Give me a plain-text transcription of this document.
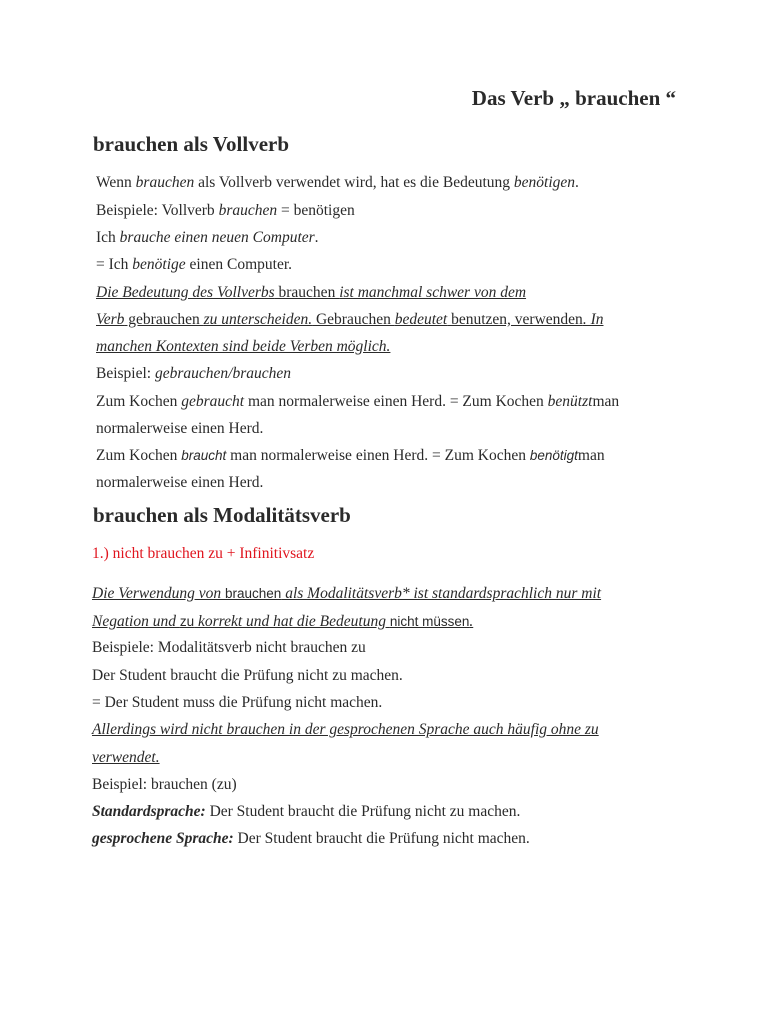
Das Verb „ brauchen “
brauchen als Vollverb
Wenn brauchen als Vollverb verwendet wird, hat es die Bedeutung benötigen.
Beispiele: Vollverb brauchen = benötigen
Ich brauche einen neuen Computer.
= Ich benötige einen Computer.
Die Bedeutung des Vollverbs brauchen ist manchmal schwer von dem
Verb gebrauchen zu unterscheiden. Gebrauchen bedeutet benutzen, verwenden. In
manchen Kontexten sind beide Verben möglich.
Beispiel: gebrauchen/brauchen
Zum Kochen gebraucht man normalerweise einen Herd. = Zum Kochen benütztman
normalerweise einen Herd.
Zum Kochen braucht man normalerweise einen Herd. = Zum Kochen benötigtman
normalerweise einen Herd.
brauchen als Modalitätsverb
1.) nicht brauchen zu + Infinitivsatz
Die Verwendung von brauchen als Modalitätsverb* ist standardsprachlich nur mit
Negation und zu korrekt und hat die Bedeutung nicht müssen.
Beispiele: Modalitätsverb nicht brauchen zu
Der Student braucht die Prüfung nicht zu machen.
= Der Student muss die Prüfung nicht machen.
Allerdings wird nicht brauchen in der gesprochenen Sprache auch häufig ohne zu
verwendet.
Beispiel: brauchen (zu)
Standardsprache: Der Student braucht die Prüfung nicht zu machen.
gesprochene Sprache: Der Student braucht die Prüfung nicht machen.
